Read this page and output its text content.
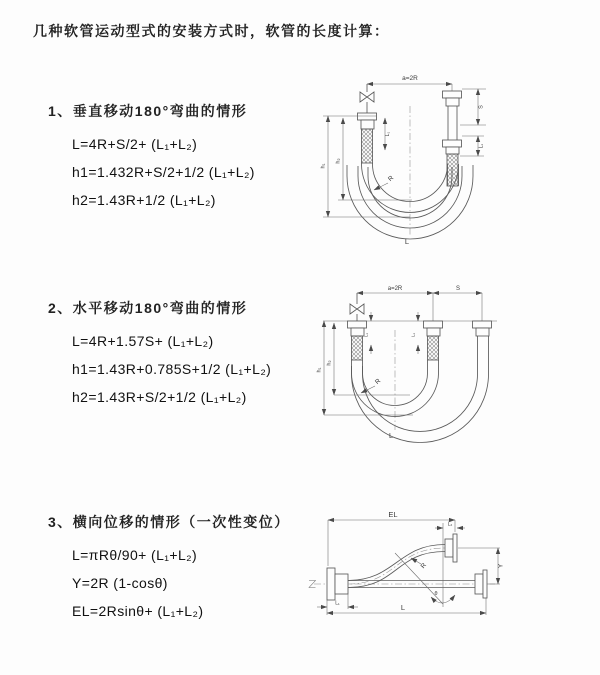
几种软管运动型式的安装方式时，软管的长度计算：
1、垂直移动180°弯曲的情形
L=4R+S/2+ (L₁+L₂)
h1=1.432R+S/2+1/2 (L₁+L₂)
h2=1.43R+1/2 (L₁+L₂)
2、水平移动180°弯曲的情形
L=4R+1.57S+ (L₁+L₂)
h1=1.43R+0.785S+1/2 (L₁+L₂)
h2=1.43R+S/2+1/2 (L₁+L₂)
3、横向位移的情形（一次性变位）
L=πRθ/90+ (L₁+L₂)
Y=2R (1-cosθ)
EL=2Rsinθ+ (L₁+L₂)
a=2R
h₁
h₂
L₁
S
L₁
R
L
a=2R	S
h₁
h₂
L₁	L₁
R
L
EL
L₂
Y
R
θ
L₁	L
